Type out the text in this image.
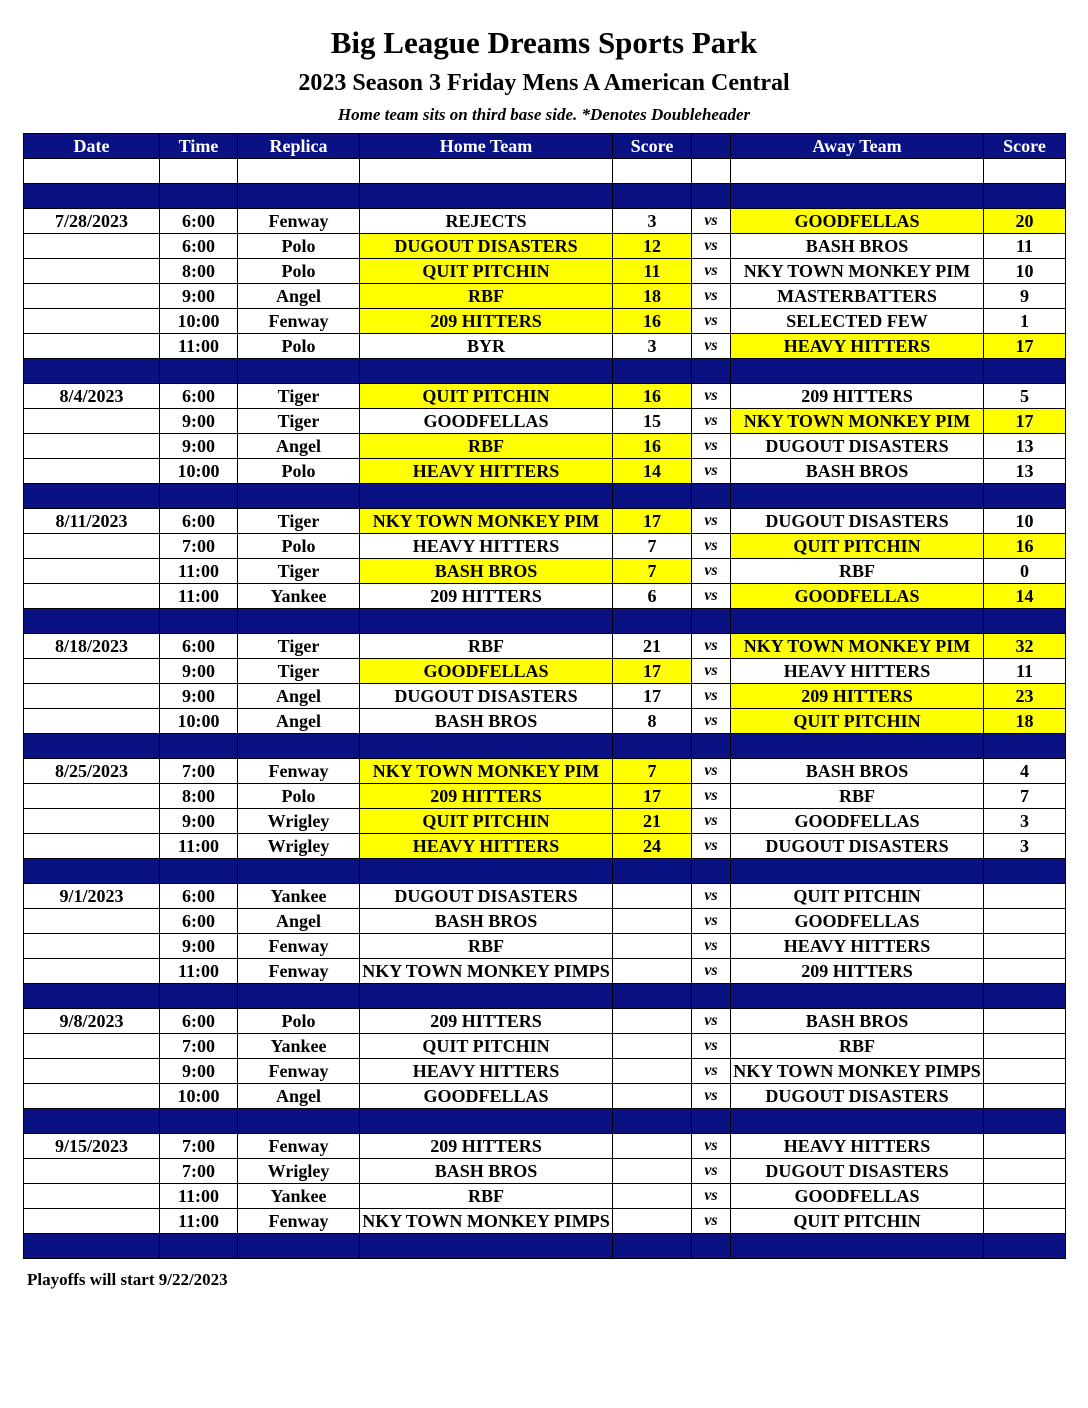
Big League Dreams Sports Park
2023 Season 3 Friday Mens A American Central
Home team sits on third base side. *Denotes Doubleheader
Date	Time	Replica	Home Team	Score		Away Team	Score

7/28/2023	6:00	Fenway	REJECTS	3	vs	GOODFELLAS	20
	6:00	Polo	DUGOUT DISASTERS	12	vs	BASH BROS	11
	8:00	Polo	QUIT PITCHIN	11	vs	NKY TOWN MONKEY PIM	10
	9:00	Angel	RBF	18	vs	MASTERBATTERS	9
	10:00	Fenway	209 HITTERS	16	vs	SELECTED FEW	1
	11:00	Polo	BYR	3	vs	HEAVY HITTERS	17

8/4/2023	6:00	Tiger	QUIT PITCHIN	16	vs	209 HITTERS	5
	9:00	Tiger	GOODFELLAS	15	vs	NKY TOWN MONKEY PIM	17
	9:00	Angel	RBF	16	vs	DUGOUT DISASTERS	13
	10:00	Polo	HEAVY HITTERS	14	vs	BASH BROS	13

8/11/2023	6:00	Tiger	NKY TOWN MONKEY PIM	17	vs	DUGOUT DISASTERS	10
	7:00	Polo	HEAVY HITTERS	7	vs	QUIT PITCHIN	16
	11:00	Tiger	BASH BROS	7	vs	RBF	0
	11:00	Yankee	209 HITTERS	6	vs	GOODFELLAS	14

8/18/2023	6:00	Tiger	RBF	21	vs	NKY TOWN MONKEY PIM	32
	9:00	Tiger	GOODFELLAS	17	vs	HEAVY HITTERS	11
	9:00	Angel	DUGOUT DISASTERS	17	vs	209 HITTERS	23
	10:00	Angel	BASH BROS	8	vs	QUIT PITCHIN	18

8/25/2023	7:00	Fenway	NKY TOWN MONKEY PIM	7	vs	BASH BROS	4
	8:00	Polo	209 HITTERS	17	vs	RBF	7
	9:00	Wrigley	QUIT PITCHIN	21	vs	GOODFELLAS	3
	11:00	Wrigley	HEAVY HITTERS	24	vs	DUGOUT DISASTERS	3

9/1/2023	6:00	Yankee	DUGOUT DISASTERS		vs	QUIT PITCHIN	
	6:00	Angel	BASH BROS		vs	GOODFELLAS	
	9:00	Fenway	RBF		vs	HEAVY HITTERS	
	11:00	Fenway	NKY TOWN MONKEY PIMPS		vs	209 HITTERS	

9/8/2023	6:00	Polo	209 HITTERS		vs	BASH BROS	
	7:00	Yankee	QUIT PITCHIN		vs	RBF	
	9:00	Fenway	HEAVY HITTERS		vs	NKY TOWN MONKEY PIMPS	
	10:00	Angel	GOODFELLAS		vs	DUGOUT DISASTERS	

9/15/2023	7:00	Fenway	209 HITTERS		vs	HEAVY HITTERS	
	7:00	Wrigley	BASH BROS		vs	DUGOUT DISASTERS	
	11:00	Yankee	RBF		vs	GOODFELLAS	
	11:00	Fenway	NKY TOWN MONKEY PIMPS		vs	QUIT PITCHIN	

Playoffs will start 9/22/2023
